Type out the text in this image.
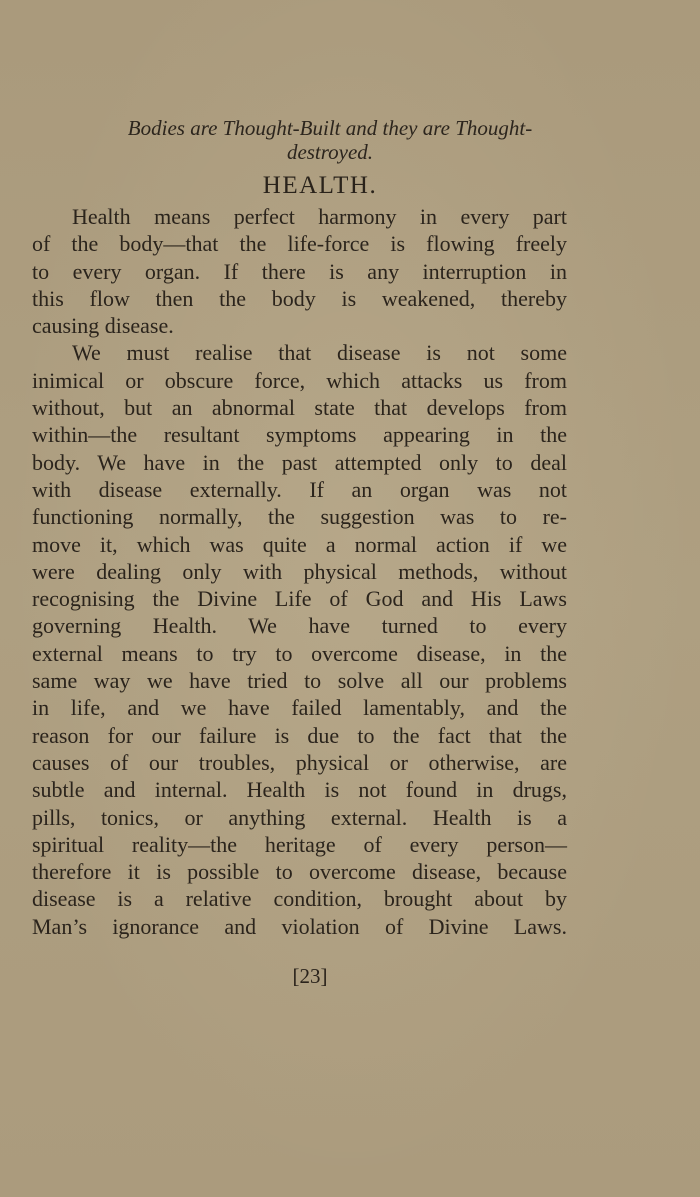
Bodies are Thought-Built and they are Thought-
destroyed.
HEALTH.
Health means perfect harmony in every part
of the body—that the life-force is flowing freely
to every organ. If there is any interruption in
this flow then the body is weakened, thereby
causing disease.
We must realise that disease is not some
inimical or obscure force, which attacks us from
without, but an abnormal state that develops from
within—the resultant symptoms appearing in the
body. We have in the past attempted only to deal
with disease externally. If an organ was not
functioning normally, the suggestion was to re-
move it, which was quite a normal action if we
were dealing only with physical methods, without
recognising the Divine Life of God and His Laws
governing Health. We have turned to every
external means to try to overcome disease, in the
same way we have tried to solve all our problems
in life, and we have failed lamentably, and the
reason for our failure is due to the fact that the
causes of our troubles, physical or otherwise, are
subtle and internal. Health is not found in drugs,
pills, tonics, or anything external. Health is a
spiritual reality—the heritage of every person—
therefore it is possible to overcome disease, because
disease is a relative condition, brought about by
Man’s ignorance and violation of Divine Laws.
[23]
